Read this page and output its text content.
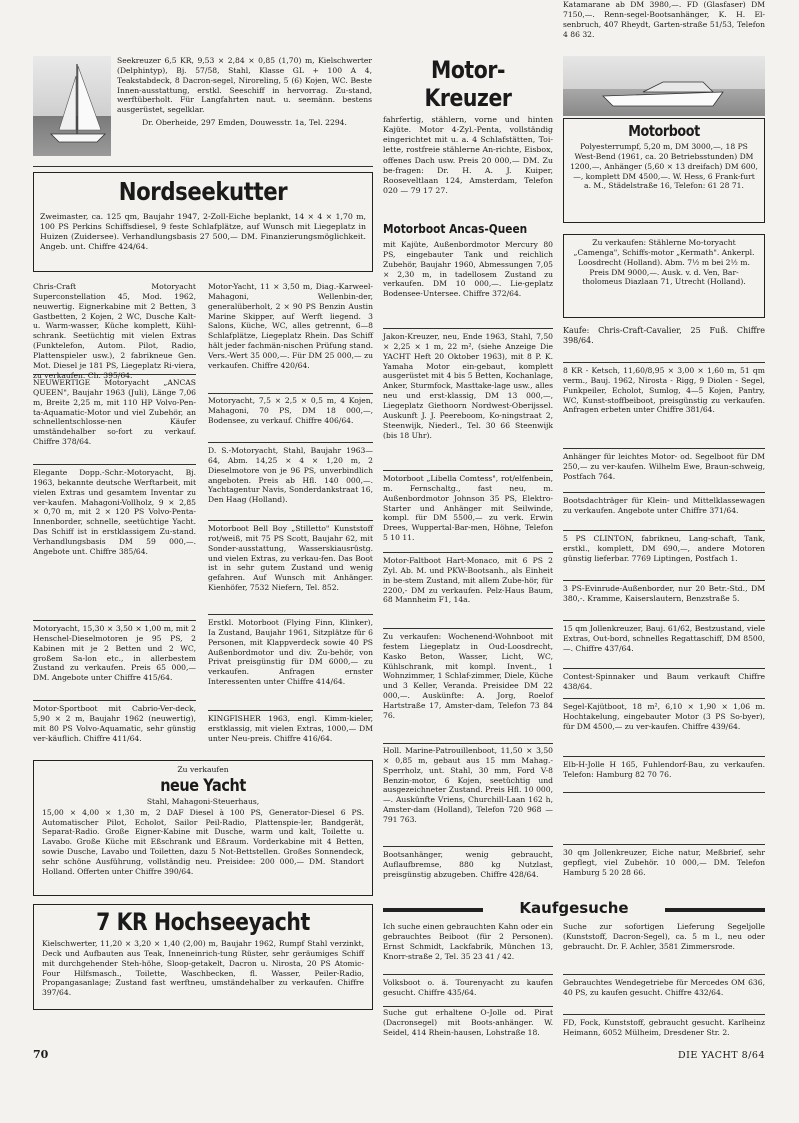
Seekreuzer 6,5 KR, 9,53 × 2,84 × 0,85 (1,70) m, Kielschwerter (Delphintyp), Bj. 57/58, Stahl, Klasse GL + 100 A 4, Teakstabdeck, 8 Dacron-segel, Niroreling, 5 (6) Kojen, WC. Beste Innen-ausstattung, erstkl. Seeschiff in hervorrag. Zu-stand, werftüberholt. Für Langfahrten naut. u. seemänn. bestens ausgerüstet, segelklar.

Dr. Oberheide, 297 Emden, Douwesstr. 1a, Tel. 2294.

Nordseekutter

Zweimaster, ca. 125 qm, Baujahr 1947, 2-Zoll-Eiche beplankt, 14 × 4 × 1,70 m, 100 PS Perkins Schiffsdiesel, 9 feste Schlafplätze, auf Wunsch mit Liegeplatz in Huizen (Zuidersee). Verhandlungsbasis 27 500,— DM. Finanzierungsmöglichkeit. Angeb. unt. Chiffre 424/64.

Motor-Kreuzer

fahrfertig, stählern, vorne und hinten Kajüte. Motor 4-Zyl.-Penta, vollständig eingerichtet mit u. a. 4 Schlafstätten, Toi-lette, rostfreie stählerne An-richte, Eisbox, offenes Dach usw. Preis 20 000,— DM. Zu be-fragen: Dr. H. A. J. Kuiper, Rooseveltlaan 124, Amsterdam, Telefon 020 — 79 17 27.

Motorboot

Polyesterrumpf, 5,20 m, DM 3000,—, 18 PS West-Bend (1961, ca. 20 Betriebsstunden) DM 1200,—, Anhänger (5,60 × 13 dreifach) DM 600,—, komplett DM 4500,—. W. Hess, 6 Frank-furt a. M., Städelstraße 16, Telefon: 61 28 71.

Motorboot Ancas-Queen

mit Kajüte, Außenbordmotor Mercury 80 PS, eingebauter Tank und reichlich Zubehör, Baujahr 1960, Abmessungen 7,05 × 2,30 m, in tadellosem Zustand zu verkaufen. DM 10 000,—. Lie-geplatz Bodensee-Untersee. Chiffre 372/64.

Zu verkaufen: Stählerne Mo-toryacht „Camenga", Schiffs-motor „Kermath". Ankerpl. Loosdrecht (Holland). Abm. 7½ m bei 2½ m. Preis DM 9000,—. Ausk. v. d. Ven, Bar-tholomeus Diazlaan 71, Utrecht (Holland).

Chris-Craft Motoryacht Superconstellation 45, Mod. 1962, neuwertig. Eignerkabine mit 2 Betten, 3 Gastbetten, 2 Kojen, 2 WC, Dusche Kalt- u. Warm-wasser, Küche komplett, Kühl-schrank. Seetüchtig mit vielen Extras (Funktelefon, Autom. Pilot, Radio, Plattenspieler usw.), 2 fabrikneue Gen. Mot. Diesel je 181 PS, Liegeplatz Ri-viera, zu verkaufen. Ch. 395/64.

NEUWERTIGE Motoryacht „ANCAS QUEEN", Baujahr 1963 (Juli), Länge 7,06 m, Breite 2,25 m, mit 110 HP Volvo-Pen-ta-Aquamatic-Motor und viel Zubehör, an schnellentschlosse-nen Käufer umständehalber so-fort zu verkauf. Chiffre 378/64.

Elegante Dopp.-Schr.-Motoryacht, Bj. 1963, bekannte deutsche Werftarbeit, mit vielen Extras und gesamtem Inventar zu ver-kaufen. Mahagoni-Vollholz, 9 × 2,85 × 0,70 m, mit 2 × 120 PS Volvo-Penta-Innenborder, schnelle, seetüchtige Yacht. Das Schiff ist in erstklassigem Zu-stand. Verhandlungsbasis DM 59 000,—. Angebote unt. Chiffre 385/64.

Motoryacht, 15,30 × 3,50 × 1,00 m, mit 2 Henschel-Dieselmotoren je 95 PS, 2 Kabinen mit je 2 Betten und 2 WC, großem Sa-lon etc., in allerbestem Zustand zu verkaufen. Preis 65 000,— DM. Angebote unter Chiffre 415/64.

Motor-Sportboot mit Cabrio-Ver-deck, 5,90 × 2 m, Baujahr 1962 (neuwertig), mit 80 PS Volvo-Aquamatic, sehr günstig ver-käuflich. Chiffre 411/64.

Motor-Yacht, 11 × 3,50 m, Diag.-Karweel-Mahagoni, Wellenbin-der, generalüberholt, 2 × 90 PS Benzin Austin Marine Skipper, auf Werft liegend. 3 Salons, Küche, WC, alles getrennt, 6—8 Schlafplätze, Liegeplatz Rhein. Das Schiff hält jeder fachmän-nischen Prüfung stand. Vers.-Wert 35 000,—. Für DM 25 000,— zu verkaufen. Chiffre 420/64.

Motoryacht, 7,5 × 2,5 × 0,5 m, 4 Kojen, Mahagoni, 70 PS, DM 18 000,—, Bodensee, zu verkauf. Chiffre 406/64.

D. S.-Motoryacht, Stahl, Baujahr 1963—64, Abm. 14,25 × 4 × 1,20 m, 2 Dieselmotore von je 96 PS, unverbindlich angeboten. Preis ab Hfl. 140 000,—. Yachtagentur Navis, Sonderdankstraat 16, Den Haag (Holland).

Motorboot Bell Boy „Stilletto" Kunststoff rot/weiß, mit 75 PS Scott, Baujahr 62, mit Sonder-ausstattung, Wasserskiausrüstg. und vielen Extras, zu verkau-fen. Das Boot ist in sehr gutem Zustand und wenig gefahren. Auf Wunsch mit Anhänger. Kienhöfer, 7532 Niefern, Tel. 852.

Erstkl. Motorboot (Flying Finn, Klinker), Ia Zustand, Baujahr 1961, Sitzplätze für 6 Personen, mit Klappverdeck sowie 40 PS Außenbordmotor und div. Zu-behör, von Privat preisgünstig für DM 6000,— zu verkaufen. Anfragen ernster Interessenten unter Chiffre 414/64.

KINGFISHER 1963, engl. Kimm-kieler, erstklassig, mit vielen Extras, 1000,— DM unter Neu-preis. Chiffre 416/64.

Jakon-Kreuzer, neu, Ende 1963, Stahl, 7,50 × 2,25 × 1 m, 22 m², (siehe Anzeige Die YACHT Heft 20 Oktober 1963), mit 8 P. K. Yamaha Motor ein-gebaut, komplett ausgerüstet mit 4 bis 5 Betten, Kochanlage, Anker, Sturmfock, Masttake-lage usw., alles neu und erst-klassig, DM 13 000,—, Liegeplatz Giethoorn Nordwest-Oberijssel. Auskunft J. J. Peereboom, Ko-ningstraat 2, Steenwijk, Niederl., Tel. 30 66 Steenwijk (bis 18 Uhr).

Motorboot „Libella Comtess", rot/elfenbein, m. Fernschaltg., fast neu, m. Außenbordmotor Johnson 35 PS, Elektro-Starter und Anhänger mit Seilwinde, kompl. für DM 5500,— zu verk. Erwin Drees, Wuppertal-Bar-men, Höhne, Telefon 5 10 11.

Motor-Faltboot Hart-Monaco, mit 6 PS 2 Zyl. Ab. M. und PKW-Bootsanh., als Einheit in be-stem Zustand, mit allem Zube-hör, für 2200,- DM zu verkaufen. Pelz-Haus Baum, 68 Mannheim F1, 14a.

Zu verkaufen: Wochenend-Wohnboot mit festem Liegeplatz in Oud-Loosdrecht, Kasko Beton, Wasser, Licht, WC, Kühlschrank, mit kompl. Invent., 1 Wohnzimmer, 1 Schlaf-zimmer, Diele, Küche und 3 Keller, Veranda. Preisidee DM 22 000,—. Auskünfte: A. Jorg, Roelof Hartstraße 17, Amster-dam, Telefon 73 84 76.

Holl. Marine-Patrouillenboot, 11,50 × 3,50 × 0,85 m, gebaut aus 15 mm Mahag.-Sperrholz, unt. Stahl, 30 mm, Ford V-8 Benzin-motor, 6 Kojen, seetüchtig und ausgezeichneter Zustand. Preis Hfl. 10 000,—. Auskünfte Vriens, Churchill-Laan 162 h, Amster-dam (Holland), Telefon 720 968 — 791 763.

Bootsanhänger, wenig gebraucht, Auflaufbremse, 880 kg Nutzlast, preisgünstig abzugeben. Chiffre 428/64.

Kaufe: Chris-Craft-Cavalier, 25 Fuß. Chiffre 398/64.

8 KR - Ketsch, 11,60/8,95 × 3,00 × 1,60 m, 51 qm verm., Bauj. 1962, Nirosta - Rigg, 9 Diolen - Segel, Funkpeiler, Echolot, Sumlog, 4—5 Kojen, Pantry, WC, Kunst-stoffbeiboot, preisgünstig zu verkaufen. Anfragen erbeten unter Chiffre 381/64.

Anhänger für leichtes Motor- od. Segelboot für DM 250,— zu ver-kaufen. Wilhelm Ewe, Braun-schweig, Postfach 764.

Bootsdachträger für Klein- und Mittelklassewagen zu verkaufen. Angebote unter Chiffre 371/64.

5 PS CLINTON, fabrikneu, Lang-schaft, Tank, erstkl., komplett, DM 690,—, andere Motoren günstig lieferbar. 7769 Liptingen, Postfach 1.

3 PS-Evinrude-Außenborder, nur 20 Betr.-Std., DM 380,-. Kramme, Kaiserslautern, Benzstraße 5.

15 qm Jollenkreuzer, Bauj. 61/62, Bestzustand, viele Extras, Out-bord, schnelles Regattaschiff, DM 8500,—. Chiffre 437/64.

Contest-Spinnaker und Baum verkauft Chiffre 438/64.

Segel-Kajütboot, 18 m², 6,10 × 1,90 × 1,06 m. Hochtakelung, eingebauter Motor (3 PS So-byer), für DM 4500,— zu ver-kaufen. Chiffre 439/64.

Elb-H-Jolle H 165, Fuhlendorf-Bau, zu verkaufen. Telefon: Hamburg 82 70 76.

Katamarane ab DM 3980,—. FD (Glasfaser) DM 7150,—. Renn-segel-Bootsanhänger, K. H. El-senbruch, 407 Rheydt, Garten-straße 51/53, Telefon 4 86 32.

30 qm Jollenkreuzer, Eiche natur, Meßbrief, sehr gepflegt, viel Zubehör. 10 000,— DM. Telefon Hamburg 5 20 28 66.

Zu verkaufen

neue Yacht

Stahl, Mahagoni-Steuerhaus,

15,00 × 4,00 × 1,30 m, 2 DAF Diesel à 100 PS, Generator-Diesel 6 PS. Automatischer Pilot, Echolot, Sailor Peil-Radio, Plattenspie-ler, Bandgerät, Separat-Radio. Große Eigner-Kabine mit Dusche, warm und kalt, Toilette u. Lavabo. Große Küche mit Eßschrank und Eßraum. Vorderkabine mit 4 Betten, sowie Dusche, Lavabo und Toiletten, dazu 5 Not-Bettstellen. Großes Sonnendeck, sehr schöne Ausführung, vollständig neu. Preisidee: 200 000,— DM. Standort Holland. Offerten unter Chiffre 390/64.

7 KR Hochseeyacht

Kielschwerter, 11,20 × 3,20 × 1,40 (2,00) m, Baujahr 1962, Rumpf Stahl verzinkt, Deck und Aufbauten aus Teak, Inneneinrich-tung Rüster, sehr geräumiges Schiff mit durchgehender Steh-höhe, Sloop-getakelt, Dacron u. Nirosta, 20 PS Atomic-Four Hilfsmasch., Toilette, Waschbecken, fl. Wasser, Peiler-Radio, Propangasanlage; Zustand fast werftneu, umständehalber zu verkaufen. Chiffre 397/64.

Kaufgesuche

Ich suche einen gebrauchten Kahn oder ein gebrauchtes Beiboot (für 2 Personen). Ernst Schmidt, Lackfabrik, München 13, Knorr-straße 2, Tel. 35 23 41 / 42.

Volksboot o. ä. Tourenyacht zu kaufen gesucht. Chiffre 435/64.

Suche gut erhaltene O-Jolle od. Pirat (Dacronsegel) mit Boots-anhänger. W. Seidel, 414 Rhein-hausen, Lohstraße 18.

Suche zur sofortigen Lieferung Segeljolle (Kunststoff, Dacron-Segel), ca. 5 m l., neu oder gebraucht. Dr. F. Achler, 3581 Zimmersrode.

Gebrauchtes Wendegetriebe für Mercedes OM 636, 40 PS, zu kaufen gesucht. Chiffre 432/64.

FD, Fock, Kunststoff, gebraucht gesucht. Karlheinz Heimann, 6052 Mülheim, Dresdener Str. 2.

70	DIE YACHT 8/64
